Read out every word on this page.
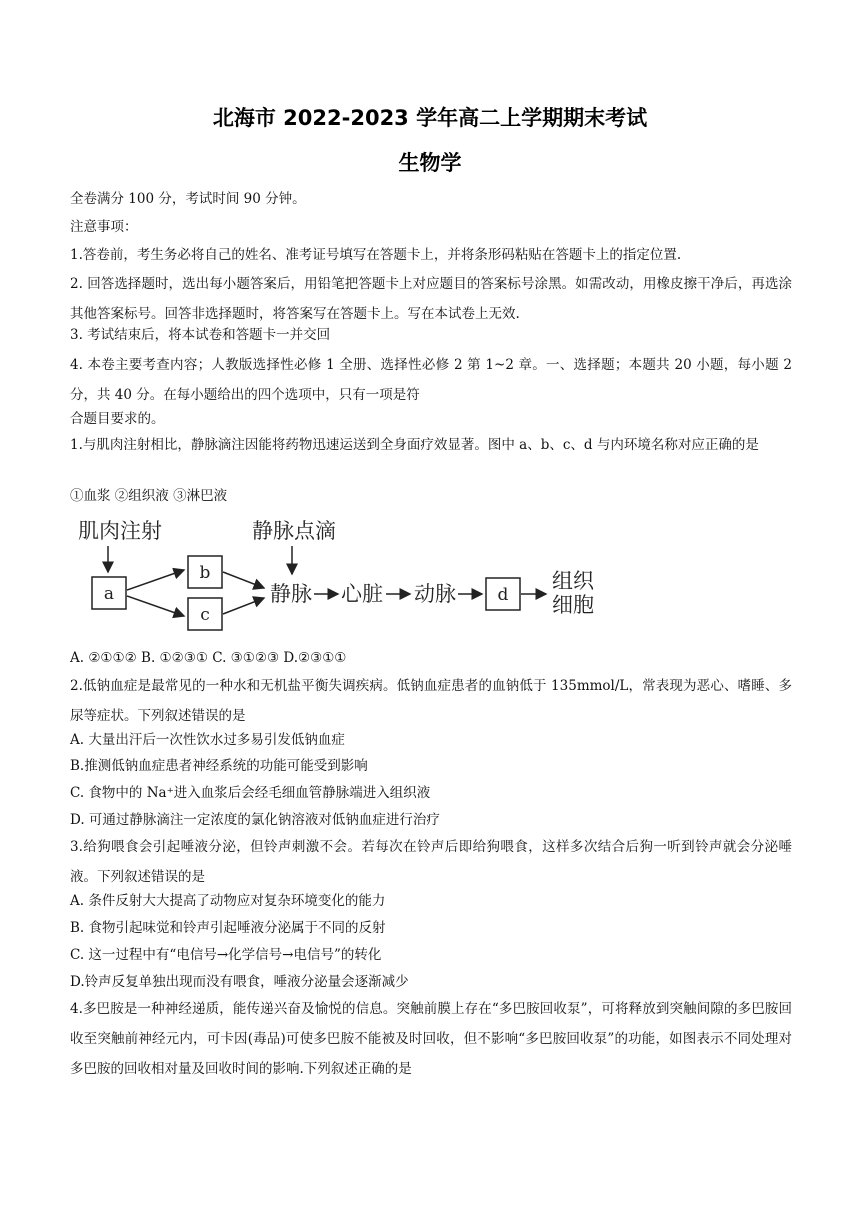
北海市 2022-2023 学年高二上学期期末考试
生物学
全卷满分 100 分，考试时间 90 分钟。
注意事项：
1.答卷前，考生务必将自己的姓名、准考证号填写在答题卡上，并将条形码粘贴在答题卡上的指定位置.
2. 回答选择题时，选出每小题答案后，用铅笔把答题卡上对应题目的答案标号涂黑。如需改动，用橡皮擦干净后，再选涂其他答案标号。回答非选择题时，将答案写在答题卡上。写在本试卷上无效.
3. 考试结束后，将本试卷和答题卡一并交回
4. 本卷主要考查内容；人教版选择性必修 1 全册、选择性必修 2 第 1~2 章。一、选择题；本题共 20 小题，每小题 2 分，共 40 分。在每小题给出的四个选项中，只有一项是符
合题目要求的。
1.与肌肉注射相比，静脉滴注因能将药物迅速运送到全身面疗效显著。图中 a、b、c、d 与内环境名称对应正确的是
①血浆 ②组织液 ③淋巴液
肌肉注射
a
b
c
静脉点滴
静脉 心脏 动脉 d
组织
细胞
A. ②①①② B. ①②③① C. ③①②③ D.②③①①
2.低钠血症是最常见的一种水和无机盐平衡失调疾病。低钠血症患者的血钠低于 135mmol/L，常表现为恶心、嗜睡、多尿等症状。下列叙述错误的是
A. 大量出汗后一次性饮水过多易引发低钠血症
B.推测低钠血症患者神经系统的功能可能受到影响
C. 食物中的 Na⁺进入血浆后会经毛细血管静脉端进入组织液
D. 可通过静脉滴注一定浓度的氯化钠溶液对低钠血症进行治疗
3.给狗喂食会引起唾液分泌，但铃声刺激不会。若每次在铃声后即给狗喂食，这样多次结合后狗一听到铃声就会分泌唾液。下列叙述错误的是
A. 条件反射大大提高了动物应对复杂环境变化的能力
B. 食物引起味觉和铃声引起唾液分泌属于不同的反射
C. 这一过程中有“电信号→化学信号→电信号”的转化
D.铃声反复单独出现而没有喂食，唾液分泌量会逐渐减少
4.多巴胺是一种神经递质，能传递兴奋及愉悦的信息。突触前膜上存在“多巴胺回收泵”，可将释放到突触间隙的多巴胺回收至突触前神经元内，可卡因(毒品)可使多巴胺不能被及时回收，但不影响“多巴胺回收泵”的功能，如图表示不同处理对多巴胺的回收相对量及回收时间的影响.下列叙述正确的是
